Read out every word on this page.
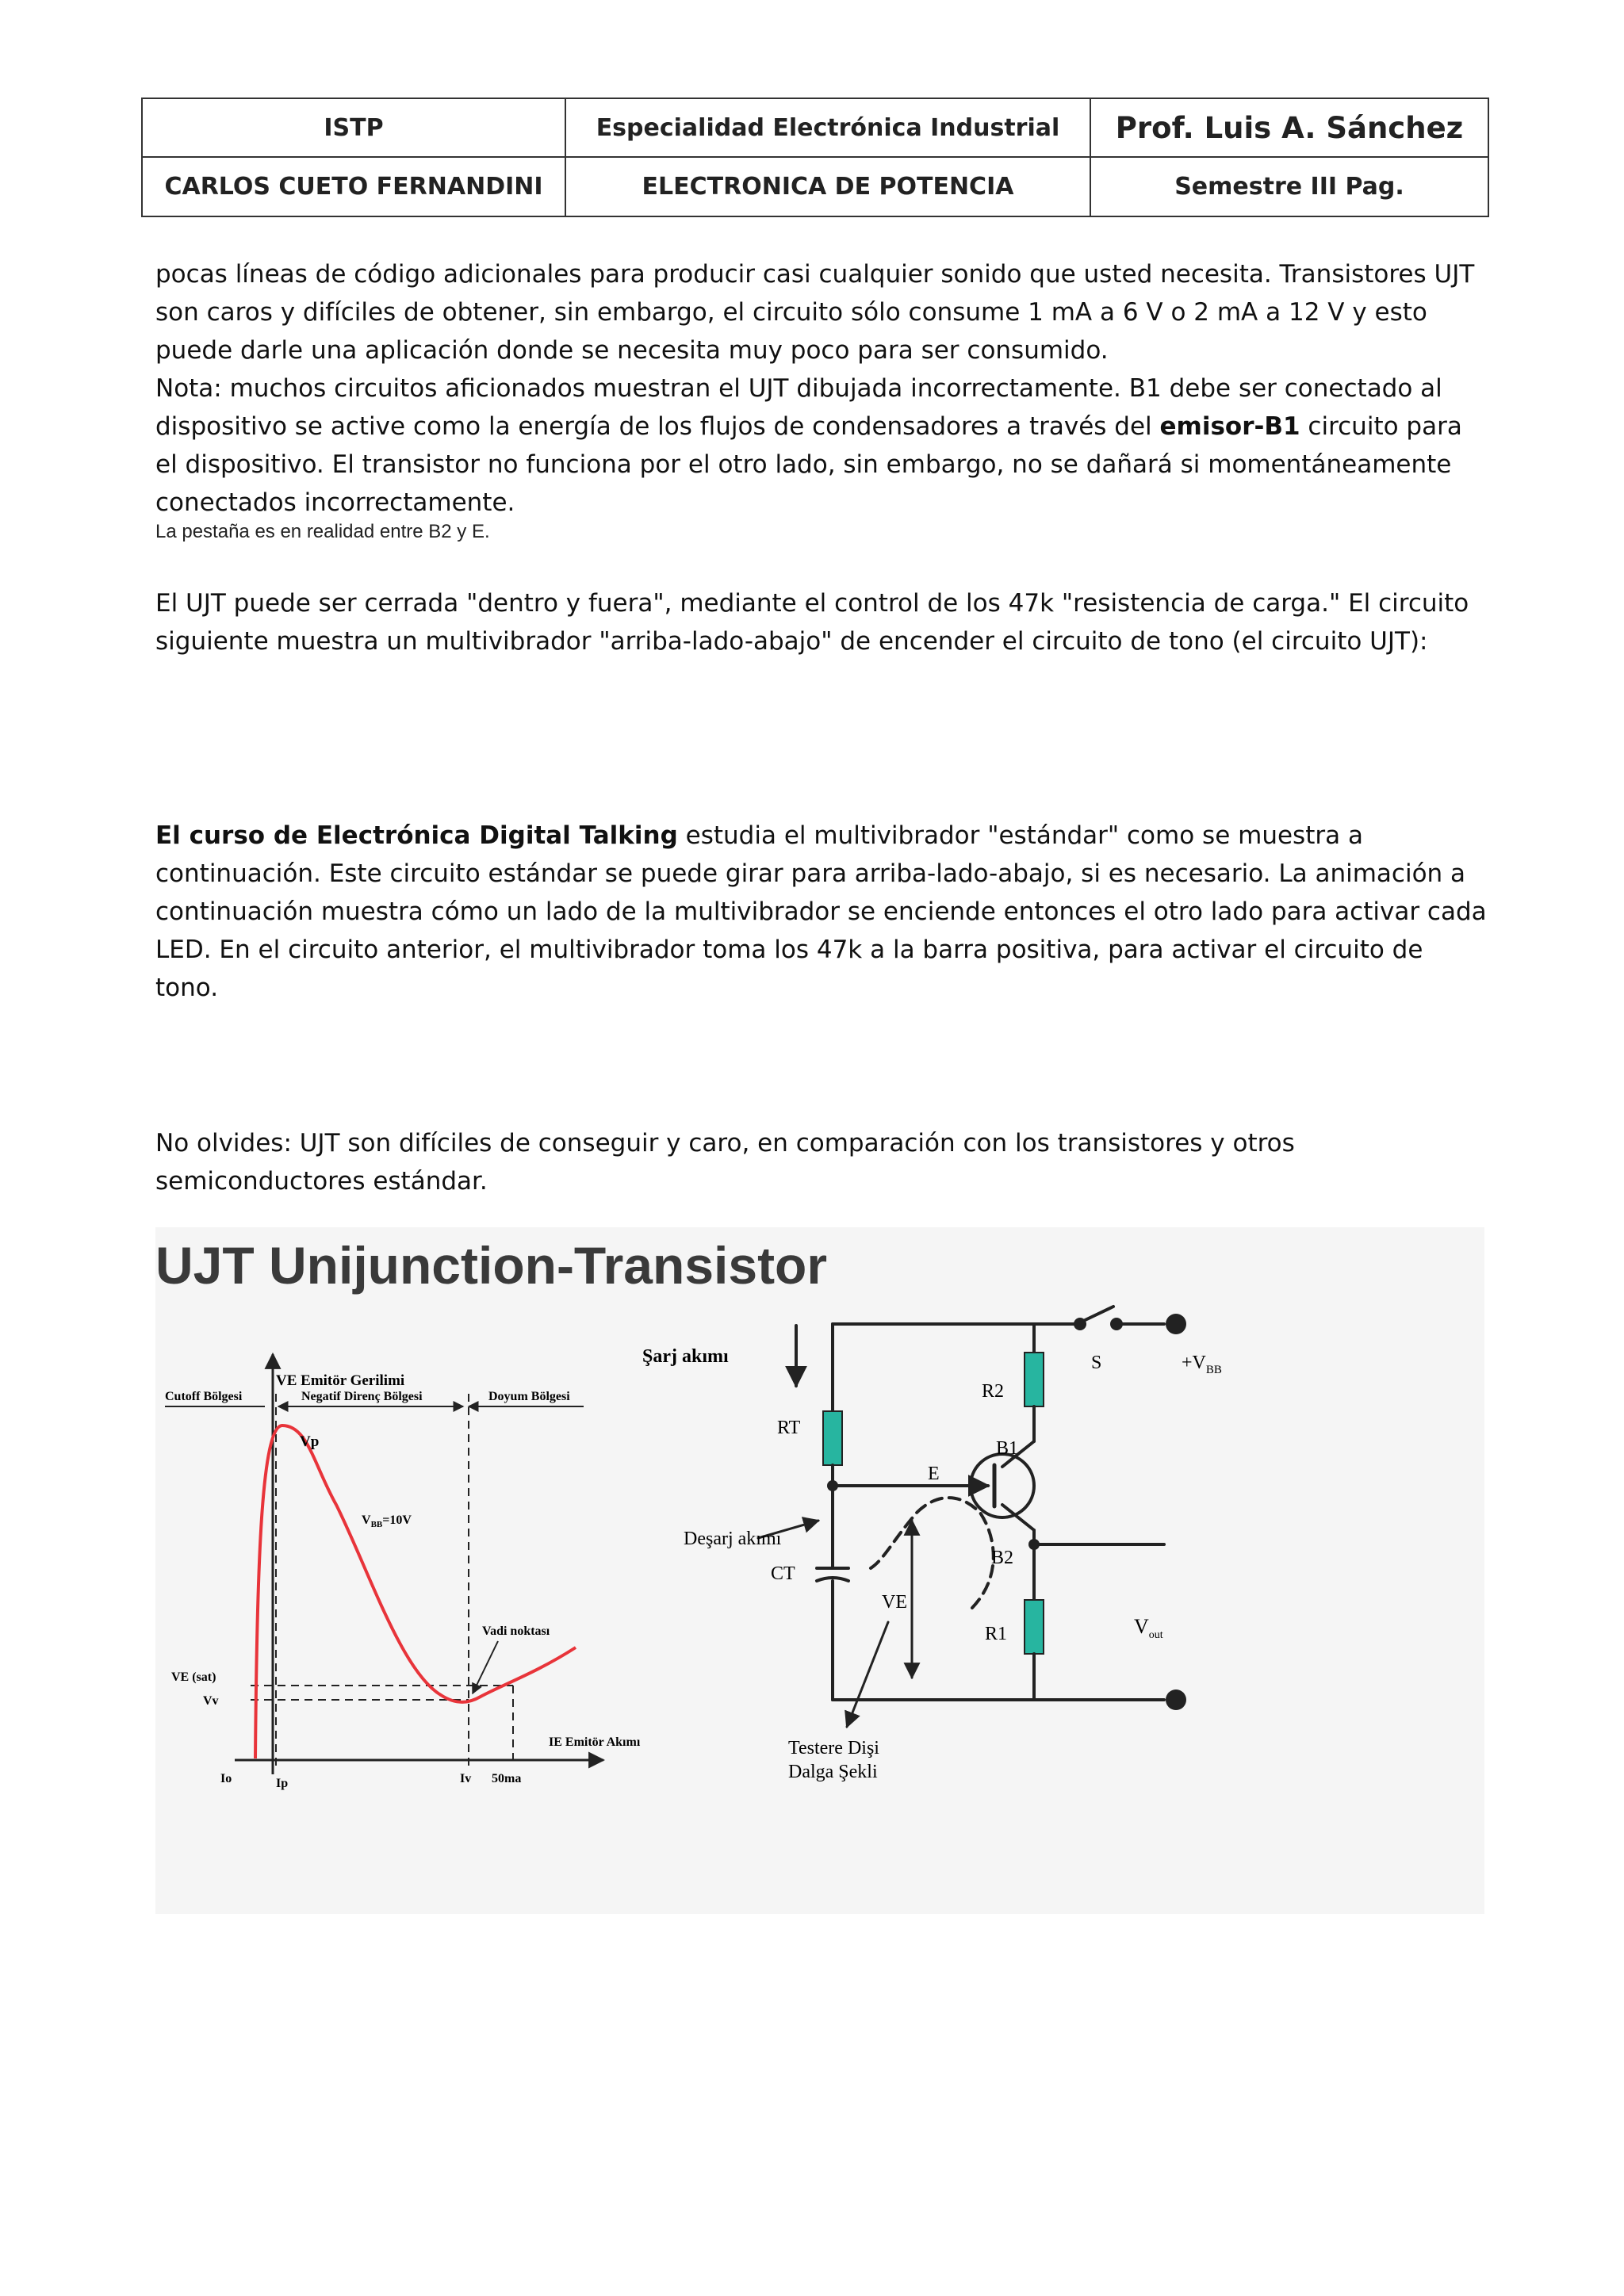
ISTP	Especialidad Electrónica Industrial	Prof. Luis A. Sánchez
CARLOS CUETO FERNANDINI	ELECTRONICA DE POTENCIA	Semestre III Pag.
pocas líneas de código adicionales para producir casi cualquier sonido que usted necesita. Transistores UJT son caros y difíciles de obtener, sin embargo, el circuito sólo consume 1 mA a 6 V o 2 mA a 12 V y esto puede darle una aplicación donde se necesita muy poco para ser consumido.
Nota: muchos circuitos aficionados muestran el UJT dibujada incorrectamente. B1 debe ser conectado al dispositivo se active como la energía de los flujos de condensadores a través del emisor-B1 circuito para el dispositivo. El transistor no funciona por el otro lado, sin embargo, no se dañará si momentáneamente conectados incorrectamente.
La pestaña es en realidad entre B2 y E.
El UJT puede ser cerrada "dentro y fuera", mediante el control de los 47k "resistencia de carga." El circuito siguiente muestra un multivibrador "arriba-lado-abajo" de encender el circuito de tono (el circuito UJT):
El curso de Electrónica Digital Talking estudia el multivibrador "estándar" como se muestra a continuación. Este circuito estándar se puede girar para arriba-lado-abajo, si es necesario. La animación a continuación muestra cómo un lado de la multivibrador se enciende entonces el otro lado para activar cada LED. En el circuito anterior, el multivibrador toma los 47k a la barra positiva, para activar el circuito de tono.
No olvides: UJT son difíciles de conseguir y caro, en comparación con los transistores y otros semiconductores estándar.
UJT Unijunction-Transistor
VE Emitör Gerilimi
Cutoff Bölgesi	Negatif Direnç Bölgesi	Doyum Bölgesi
Vp
$V_{BB}=10V$
Vadi noktası
VE (sat)
Vv
IE Emitör Akımı
Io	Ip	Iv 50ma
Şarj akımı
RT
R2
B1
E
Deşarj akımı
CT
B2
VE
R1
S	$+V_{BB}$
$V_{out}$
Testere Dişi
Dalga Şekli
